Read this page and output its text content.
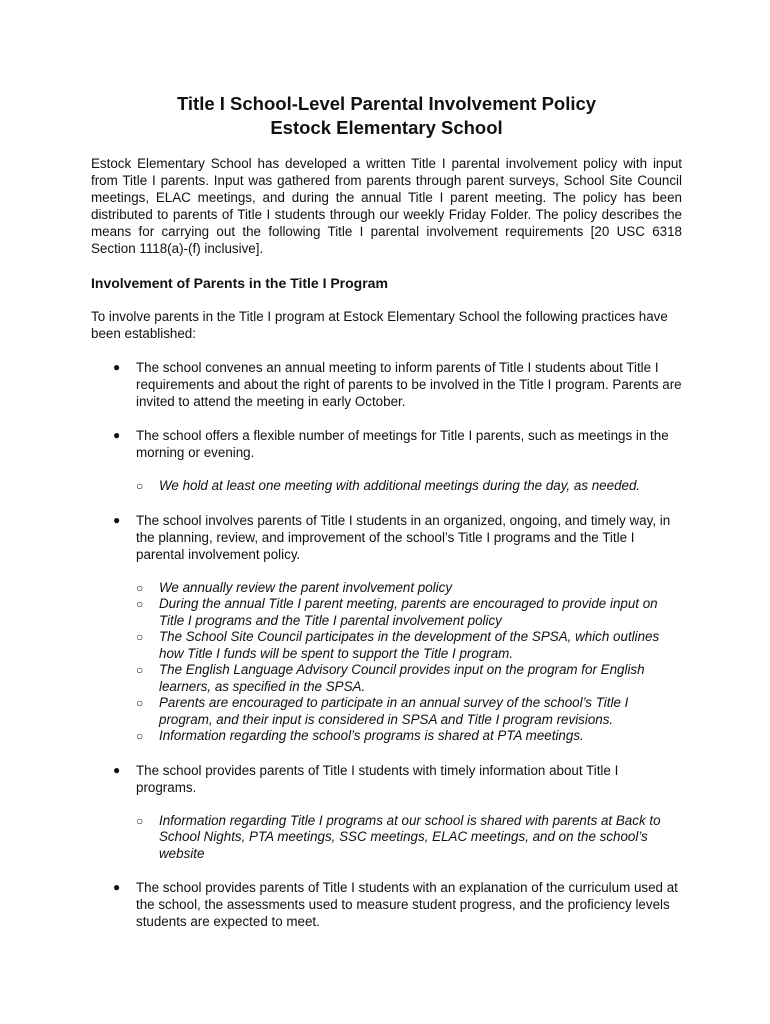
Title I School-Level Parental Involvement Policy
Estock Elementary School

Estock Elementary School has developed a written Title I parental involvement policy with input from Title I parents. Input was gathered from parents through parent surveys, School Site Council meetings, ELAC meetings, and during the annual Title I parent meeting. The policy has been distributed to parents of Title I students through our weekly Friday Folder. The policy describes the means for carrying out the following Title I parental involvement requirements [20 USC 6318 Section 1118(a)-(f) inclusive].

Involvement of Parents in the Title I Program

To involve parents in the Title I program at Estock Elementary School the following practices have been established:

● The school convenes an annual meeting to inform parents of Title I students about Title I requirements and about the right of parents to be involved in the Title I program. Parents are invited to attend the meeting in early October.
● The school offers a flexible number of meetings for Title I parents, such as meetings in the morning or evening.
○ We hold at least one meeting with additional meetings during the day, as needed.
● The school involves parents of Title I students in an organized, ongoing, and timely way, in the planning, review, and improvement of the school’s Title I programs and the Title I parental involvement policy.
○ We annually review the parent involvement policy
○ During the annual Title I parent meeting, parents are encouraged to provide input on Title I programs and the Title I parental involvement policy
○ The School Site Council participates in the development of the SPSA, which outlines how Title I funds will be spent to support the Title I program.
○ The English Language Advisory Council provides input on the program for English learners, as specified in the SPSA.
○ Parents are encouraged to participate in an annual survey of the school’s Title I program, and their input is considered in SPSA and Title I program revisions.
○ Information regarding the school’s programs is shared at PTA meetings.
● The school provides parents of Title I students with timely information about Title I programs.
○ Information regarding Title I programs at our school is shared with parents at Back to School Nights, PTA meetings, SSC meetings, ELAC meetings, and on the school’s website
● The school provides parents of Title I students with an explanation of the curriculum used at the school, the assessments used to measure student progress, and the proficiency levels students are expected to meet.
